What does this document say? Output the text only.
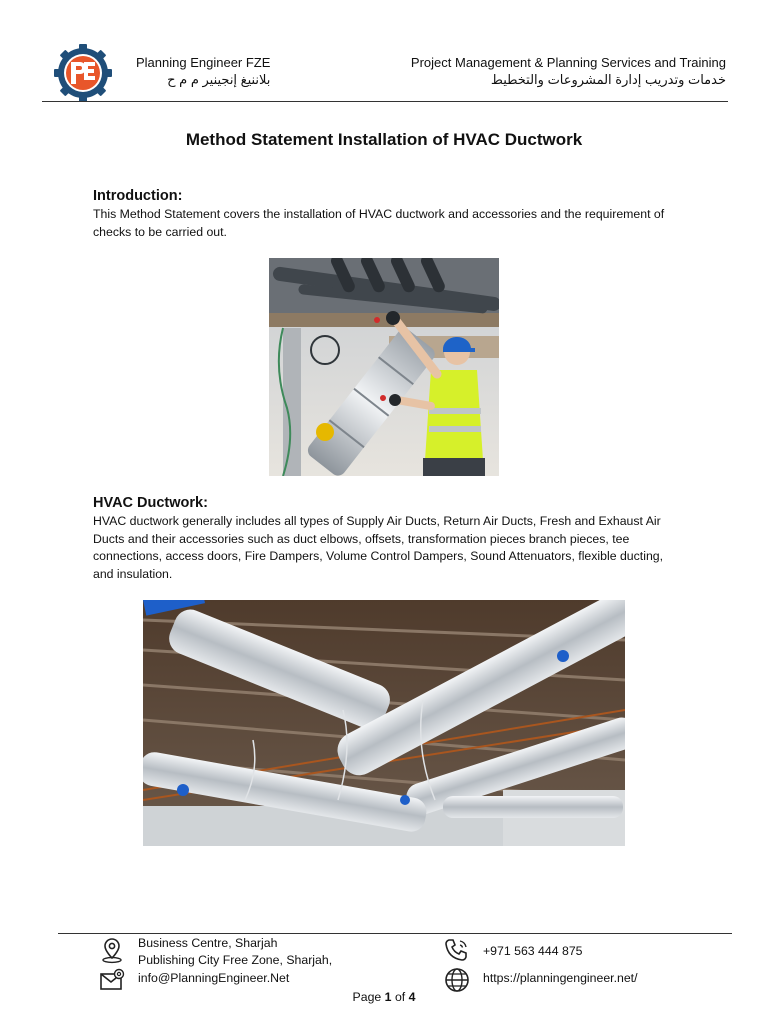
Planning Engineer FZE
بلاننيغ إنجينير م م ح
Project Management & Planning Services and Training
خدمات وتدريب إدارة المشروعات والتخطيط
Method Statement Installation of HVAC Ductwork
Introduction:

This Method Statement covers the installation of HVAC ductwork and accessories and the requirement of checks to be carried out.

HVAC Ductwork:

HVAC ductwork generally includes all types of Supply Air Ducts, Return Air Ducts, Fresh and Exhaust Air Ducts and their accessories such as duct elbows, offsets, transformation pieces branch pieces, tee connections, access doors, Fire Dampers, Volume Control Dampers, Sound Attenuators, flexible ducting, and insulation.

Business Centre, Sharjah
Publishing City Free Zone, Sharjah,
info@PlanningEngineer.Net
+971 563 444 875
https://planningengineer.net/
Page 1 of 4
